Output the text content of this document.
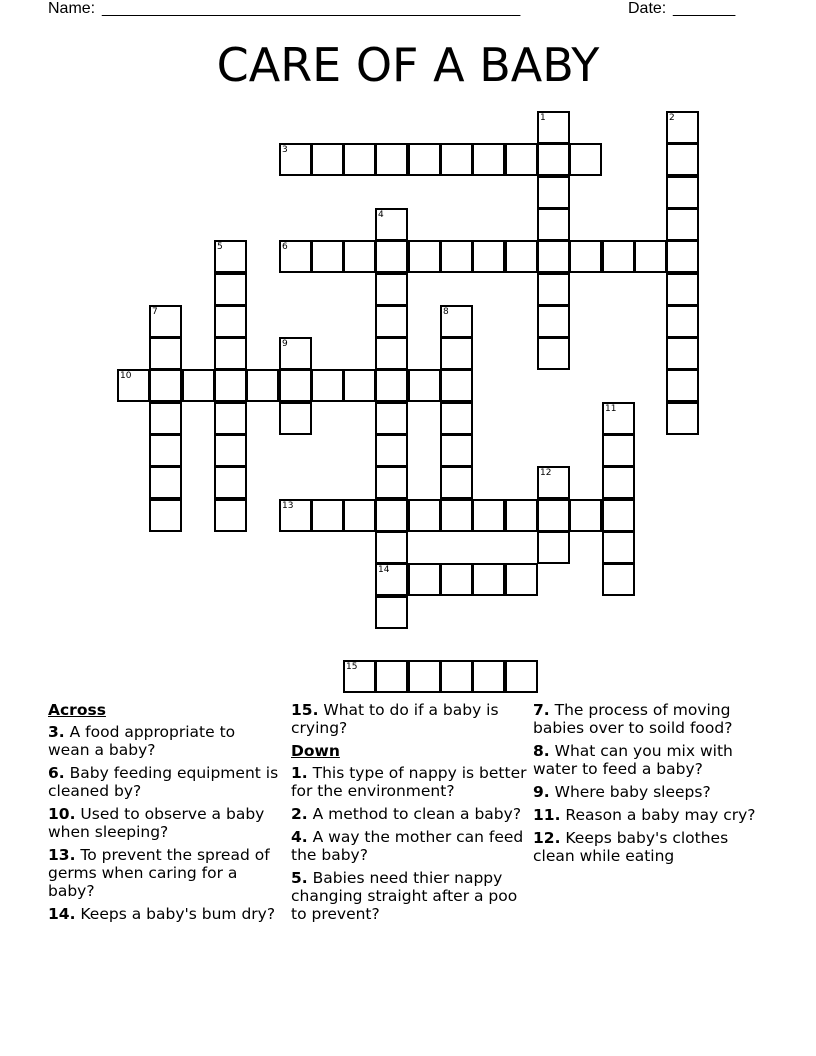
Name: _______________________________________________	Date: _______
CARE OF A BABY
1	2
3
4
14
5	6
7	8
9
10
11
12
13
15
Across
3. A food appropriate to wean a baby?
6. Baby feeding equipment is cleaned by?
10. Used to observe a baby when sleeping?
13. To prevent the spread of germs when caring for a baby?
14. Keeps a baby's bum dry?
15. What to do if a baby is crying?
Down
1. This type of nappy is better for the environment?
2. A method to clean a baby?
4. A way the mother can feed the baby?
5. Babies need thier nappy changing straight after a poo to prevent?
7. The process of moving babies over to soild food?
8. What can you mix with water to feed a baby?
9. Where baby sleeps?
11. Reason a baby may cry?
12. Keeps baby's clothes clean while eating
